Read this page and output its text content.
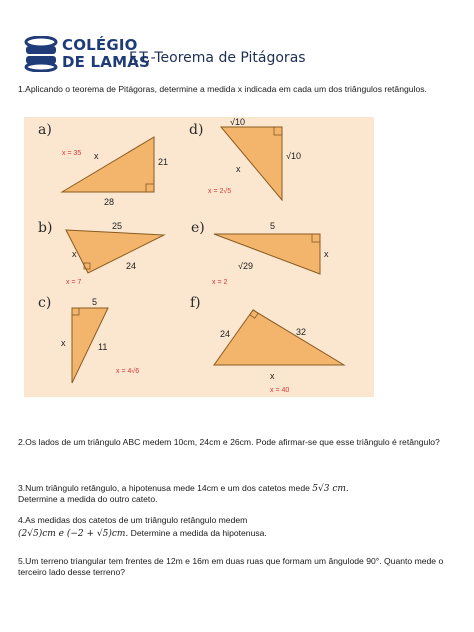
COLÉGIO
DE LAMAS
F.T.-Teorema de Pitágoras
1.Aplicando o teorema de Pitágoras, determine a medida x indicada em cada um dos triângulos retângulos.
a)
x
21
28
x = 35
d)	√10
√10
x
x = 2√5
b)	25
24
x
x = 7
e)	5
√29
x
x = 2
c)	5
11
x
x = 4√6
f)
24	32
x
x = 40
2.Os lados de um triângulo ABC medem 10cm, 24cm e 26cm. Pode afirmar-se que esse triângulo é retângulo?
3.Num triângulo retângulo, a hipotenusa mede 14cm e um dos catetos mede 5√3 cm.
Determine a medida do outro cateto.
4.As medidas dos catetos de um triângulo retângulo medem
(2√5)cm e (−2 + √5)cm. Determine a medida da hipotenusa.
5.Um terreno triangular tem frentes de 12m e 16m em duas ruas que formam um ângulode 90°. Quanto mede o terceiro lado desse terreno?
